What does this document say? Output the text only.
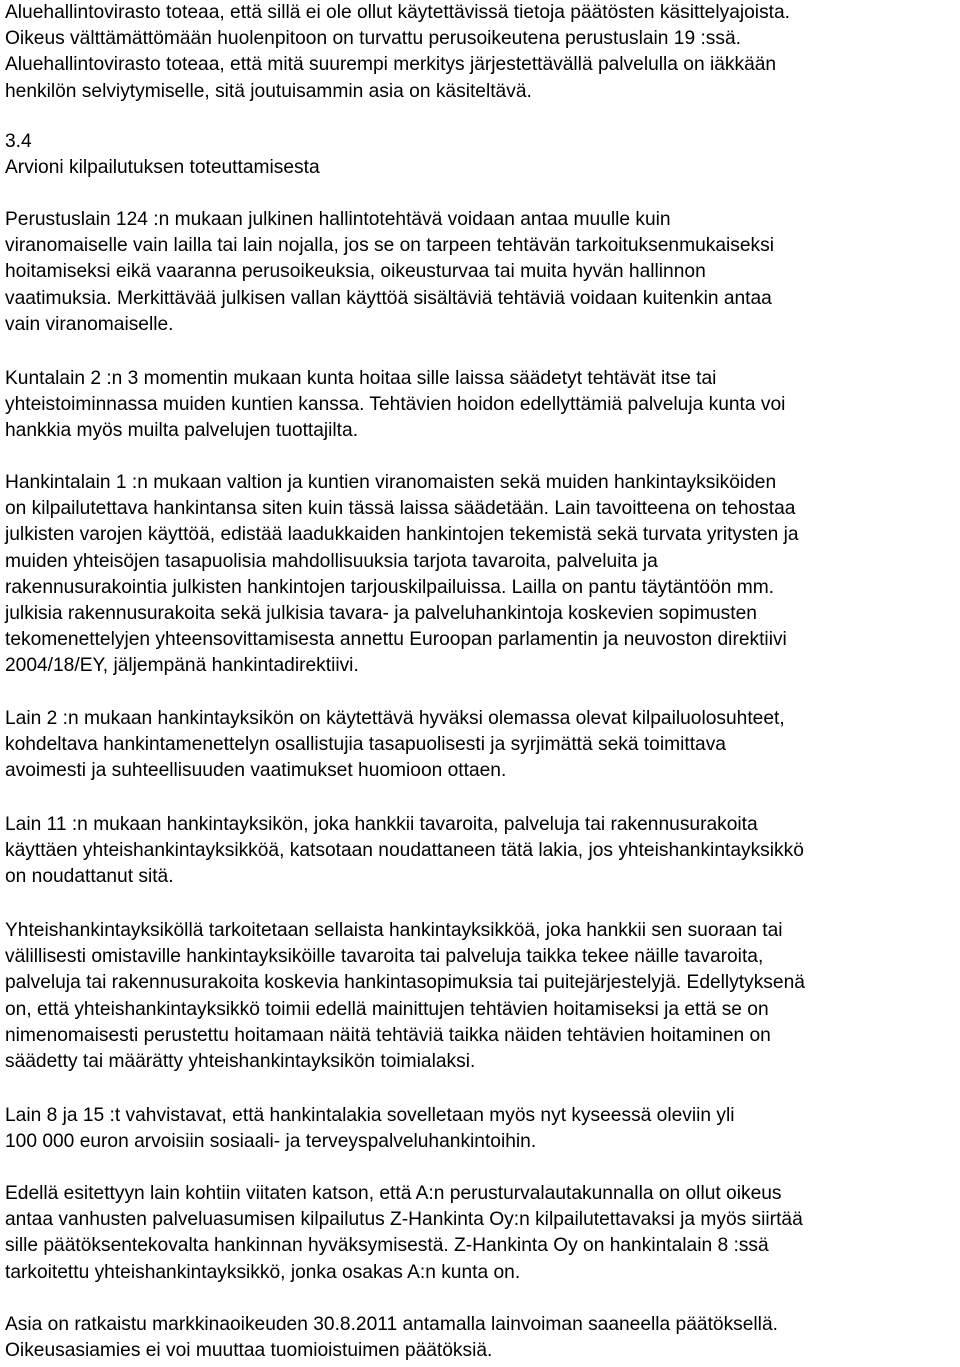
Aluehallintovirasto toteaa, että sillä ei ole ollut käytettävissä tietoja päätösten käsittelyajoista.
Oikeus välttämättömään huolenpitoon on turvattu perusoikeutena perustuslain 19 :ssä.
Aluehallintovirasto toteaa, että mitä suurempi merkitys järjestettävällä palvelulla on iäkkään
henkilön selviytymiselle, sitä joutuisammin asia on käsiteltävä.
3.4
Arvioni kilpailutuksen toteuttamisesta
Perustuslain 124 :n mukaan julkinen hallintotehtävä voidaan antaa muulle kuin
viranomaiselle vain lailla tai lain nojalla, jos se on tarpeen tehtävän tarkoituksenmukaiseksi
hoitamiseksi eikä vaaranna perusoikeuksia, oikeusturvaa tai muita hyvän hallinnon
vaatimuksia. Merkittävää julkisen vallan käyttöä sisältäviä tehtäviä voidaan kuitenkin antaa
vain viranomaiselle.
Kuntalain 2 :n 3 momentin mukaan kunta hoitaa sille laissa säädetyt tehtävät itse tai
yhteistoiminnassa muiden kuntien kanssa. Tehtävien hoidon edellyttämiä palveluja kunta voi
hankkia myös muilta palvelujen tuottajilta.
Hankintalain 1 :n mukaan valtion ja kuntien viranomaisten sekä muiden hankintayksiköiden
on kilpailutettava hankintansa siten kuin tässä laissa säädetään. Lain tavoitteena on tehostaa
julkisten varojen käyttöä, edistää laadukkaiden hankintojen tekemistä sekä turvata yritysten ja
muiden yhteisöjen tasapuolisia mahdollisuuksia tarjota tavaroita, palveluita ja
rakennusurakointia julkisten hankintojen tarjouskilpailuissa. Lailla on pantu täytäntöön mm.
julkisia rakennusurakoita sekä julkisia tavara- ja palveluhankintoja koskevien sopimusten
tekomenettelyjen yhteensovittamisesta annettu Euroopan parlamentin ja neuvoston direktiivi
2004/18/EY, jäljempänä hankintadirektiivi.
Lain 2 :n mukaan hankintayksikön on käytettävä hyväksi olemassa olevat kilpailuolosuhteet,
kohdeltava hankintamenettelyn osallistujia tasapuolisesti ja syrjimättä sekä toimittava
avoimesti ja suhteellisuuden vaatimukset huomioon ottaen.
Lain 11 :n mukaan hankintayksikön, joka hankkii tavaroita, palveluja tai rakennusurakoita
käyttäen yhteishankintayksikköä, katsotaan noudattaneen tätä lakia, jos yhteishankintayksikkö
on noudattanut sitä.
Yhteishankintayksiköllä tarkoitetaan sellaista hankintayksikköä, joka hankkii sen suoraan tai
välillisesti omistaville hankintayksiköille tavaroita tai palveluja taikka tekee näille tavaroita,
palveluja tai rakennusurakoita koskevia hankintasopimuksia tai puitejärjestelyjä. Edellytyksenä
on, että yhteishankintayksikkö toimii edellä mainittujen tehtävien hoitamiseksi ja että se on
nimenomaisesti perustettu hoitamaan näitä tehtäviä taikka näiden tehtävien hoitaminen on
säädetty tai määrätty yhteishankintayksikön toimialaksi.
Lain 8 ja 15 :t vahvistavat, että hankintalakia sovelletaan myös nyt kyseessä oleviin yli
100 000 euron arvoisiin sosiaali- ja terveyspalveluhankintoihin.
Edellä esitettyyn lain kohtiin viitaten katson, että A:n perusturvalautakunnalla on ollut oikeus
antaa vanhusten palveluasumisen kilpailutus Z-Hankinta Oy:n kilpailutettavaksi ja myös siirtää
sille päätöksentekovalta hankinnan hyväksymisestä. Z-Hankinta Oy on hankintalain 8 :ssä
tarkoitettu yhteishankintayksikkö, jonka osakas A:n kunta on.
Asia on ratkaistu markkinaoikeuden 30.8.2011 antamalla lainvoiman saaneella päätöksellä.
Oikeusasiamies ei voi muuttaa tuomioistuimen päätöksiä.
